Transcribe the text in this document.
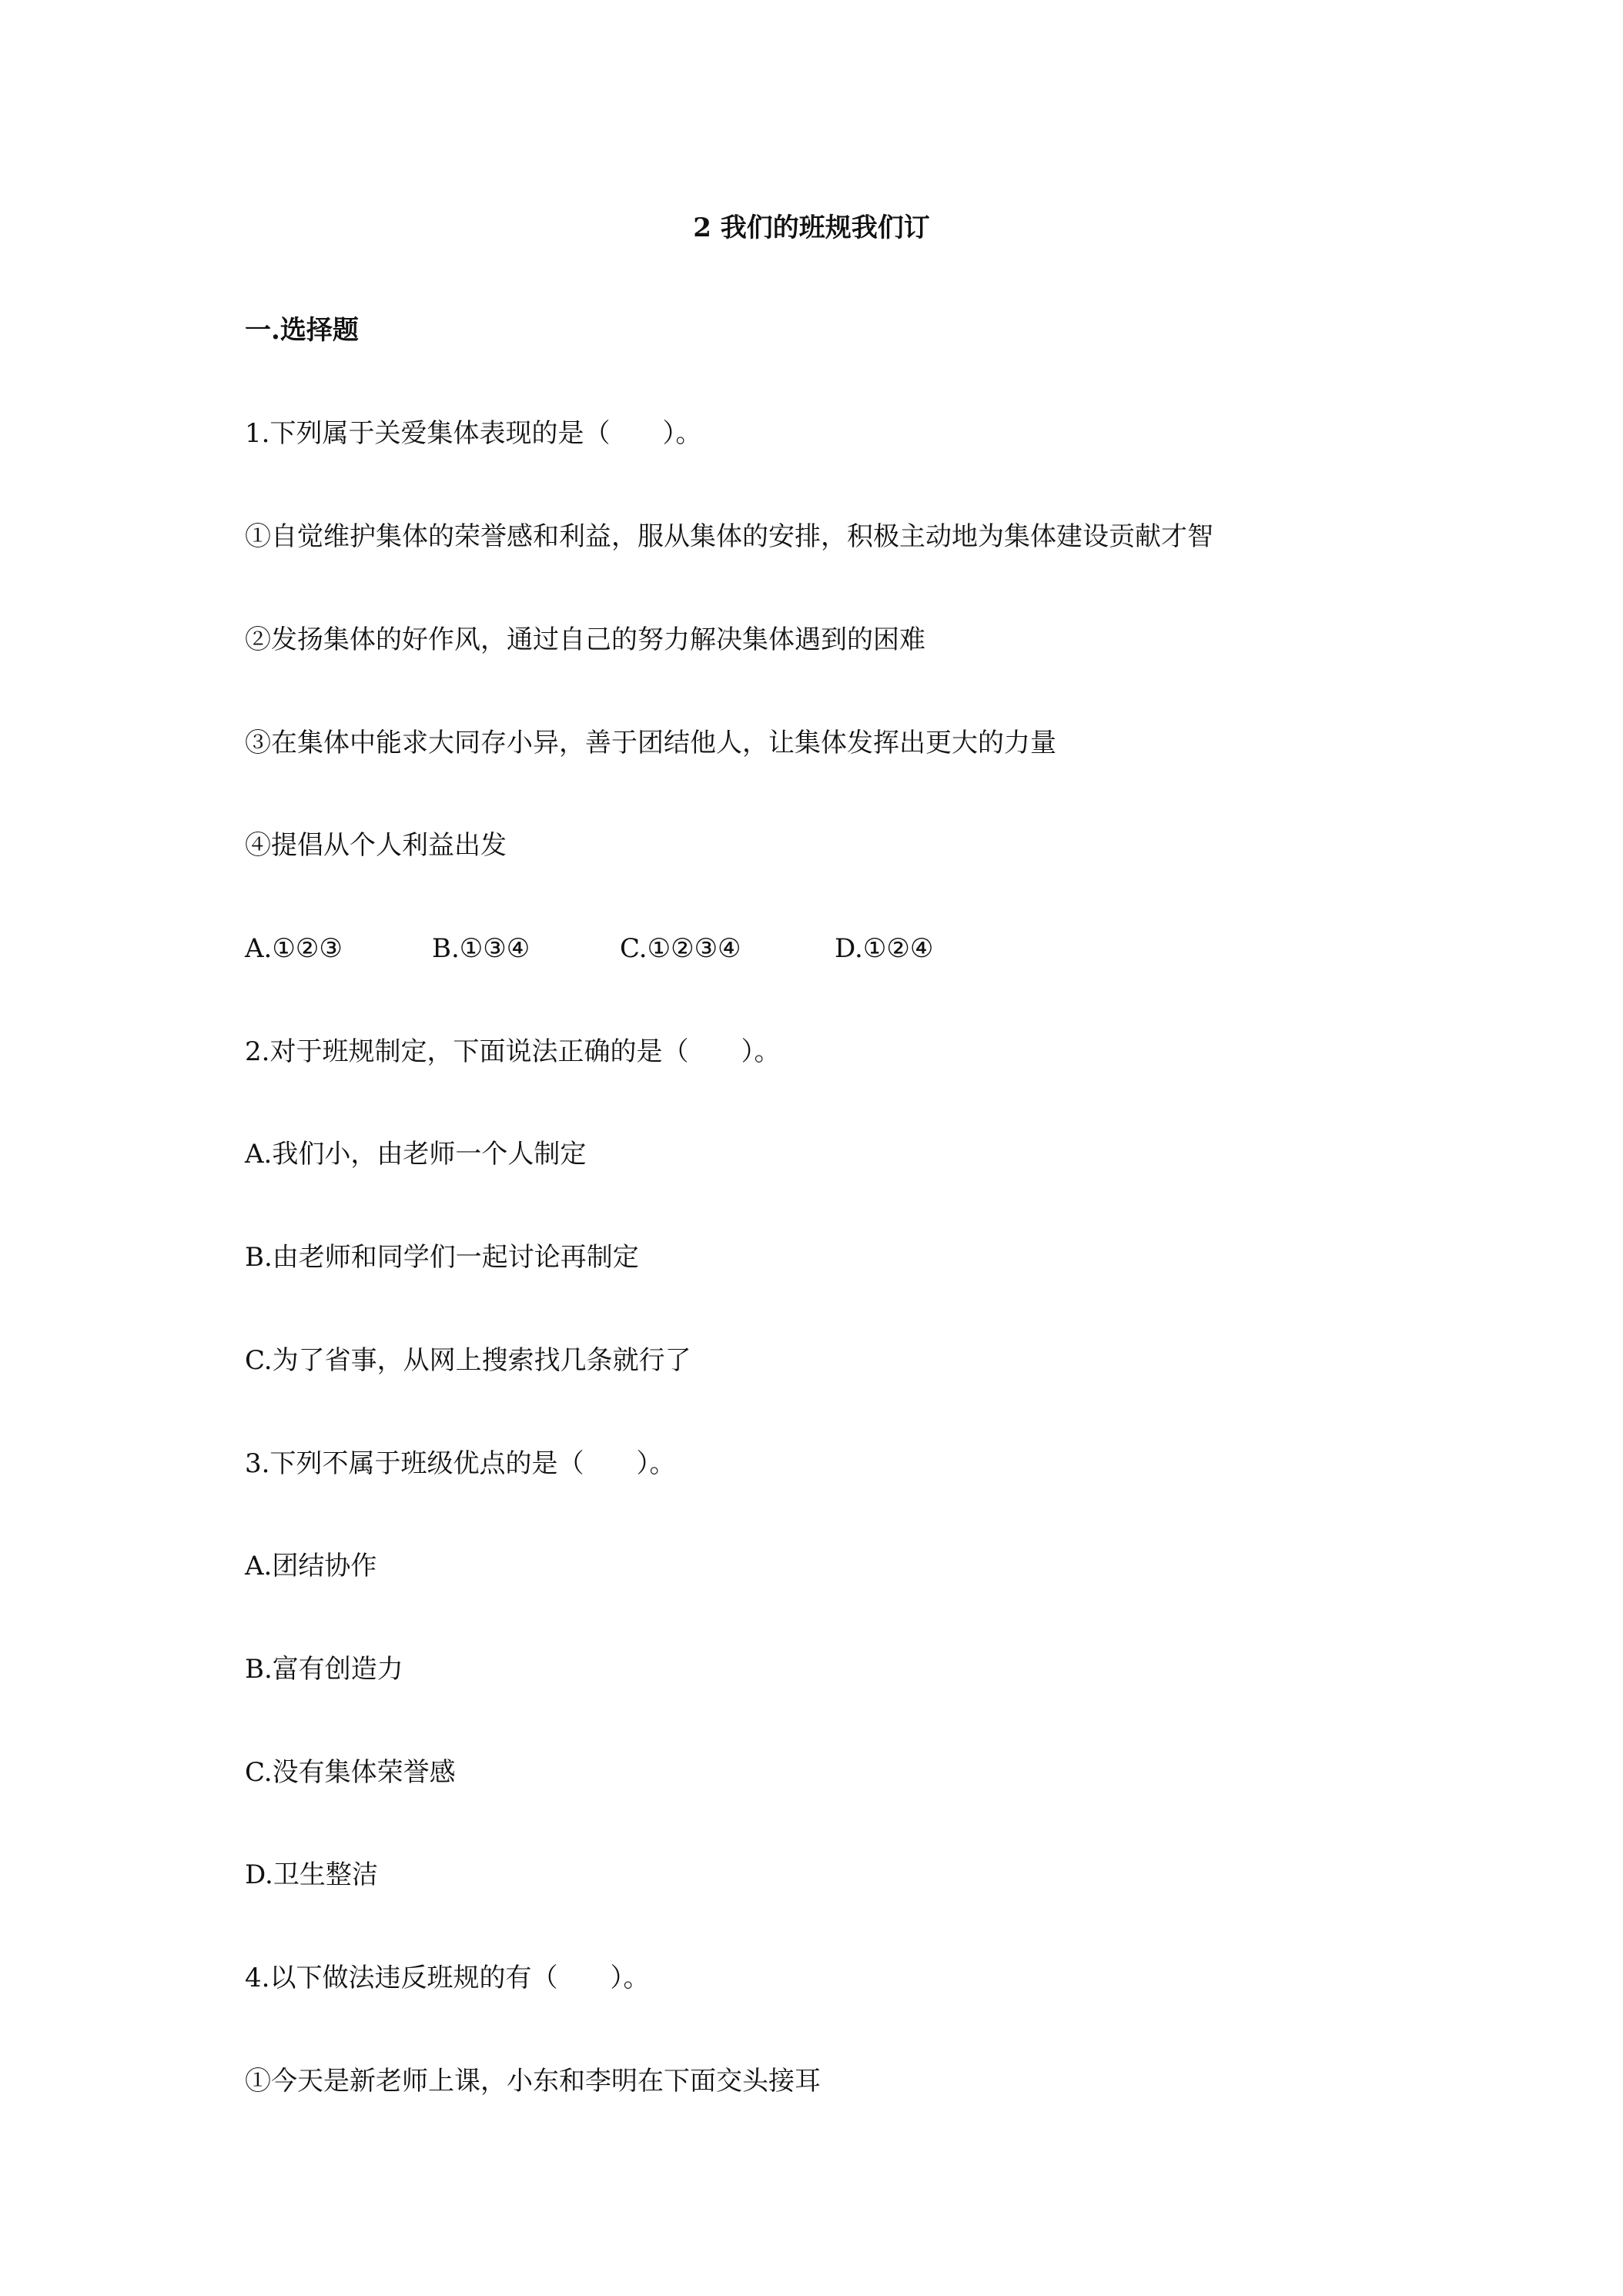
2 我们的班规我们订
一.选择题
1.下列属于关爱集体表现的是（　　）。
①自觉维护集体的荣誉感和利益，服从集体的安排，积极主动地为集体建设贡献才智
②发扬集体的好作风，通过自己的努力解决集体遇到的困难
③在集体中能求大同存小异，善于团结他人，让集体发挥出更大的力量
④提倡从个人利益出发
A.①②③	B.①③④	C.①②③④	D.①②④
2.对于班规制定，下面说法正确的是（　　）。
A.我们小，由老师一个人制定
B.由老师和同学们一起讨论再制定
C.为了省事，从网上搜索找几条就行了
3.下列不属于班级优点的是（　　）。
A.团结协作
B.富有创造力
C.没有集体荣誉感
D.卫生整洁
4.以下做法违反班规的有（　　）。
①今天是新老师上课，小东和李明在下面交头接耳
